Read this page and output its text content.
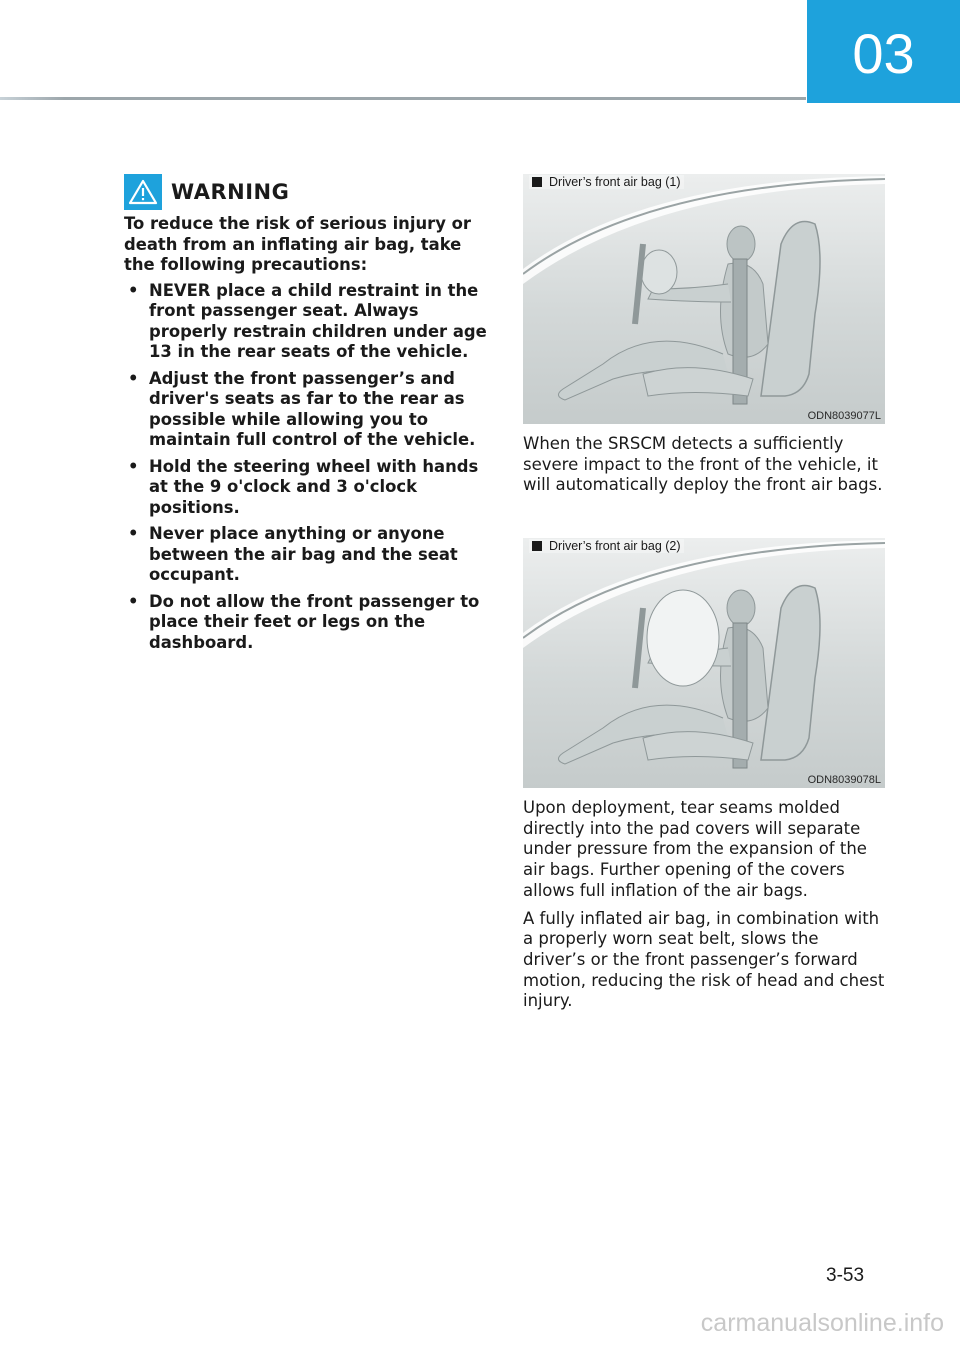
03
WARNING

To reduce the risk of serious injury or death from an inflating air bag, take the following precautions:

• NEVER place a child restraint in the front passenger seat. Always properly restrain children under age 13 in the rear seats of the vehicle.
• Adjust the front passenger’s and driver's seats as far to the rear as possible while allowing you to maintain full control of the vehicle.
• Hold the steering wheel with hands at the 9 o'clock and 3 o'clock positions.
• Never place anything or anyone between the air bag and the seat occupant.
• Do not allow the front passenger to place their feet or legs on the dashboard.
Driver’s front air bag (1)
ODN8039077L

When the SRSCM detects a sufficiently severe impact to the front of the vehicle, it will automatically deploy the front air bags.

Driver’s front air bag (2)
ODN8039078L

Upon deployment, tear seams molded directly into the pad covers will separate under pressure from the expansion of the air bags. Further opening of the covers allows full inflation of the air bags.

A fully inflated air bag, in combination with a properly worn seat belt, slows the driver’s or the front passenger’s forward motion, reducing the risk of head and chest injury.

3-53
carmanualsonline.info
